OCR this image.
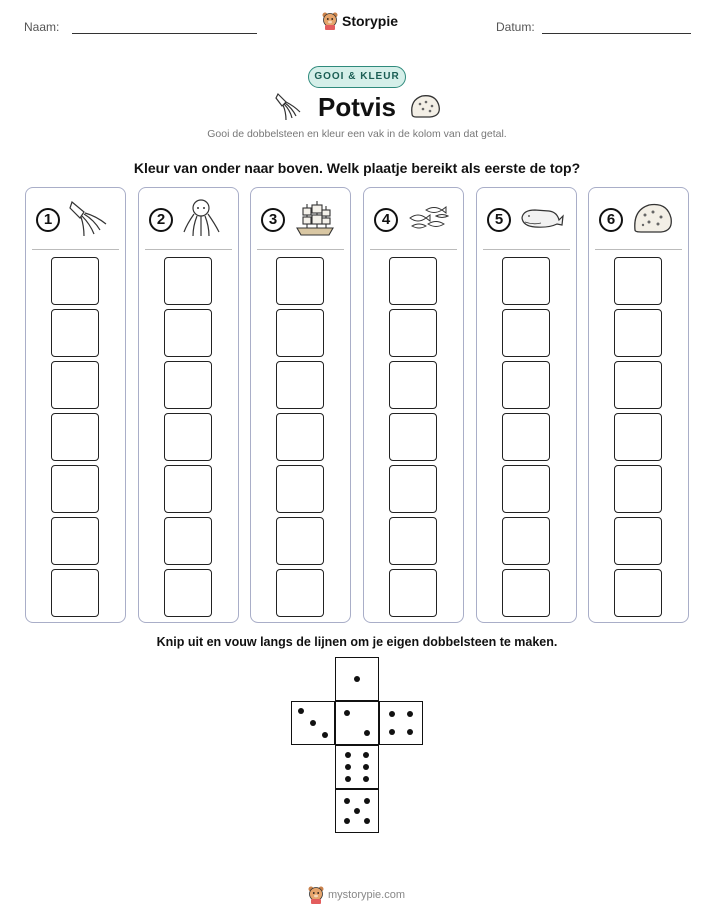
Naam:	Storypie	Datum:
GOOI & KLEUR
Potvis
Gooi de dobbelsteen en kleur een vak in de kolom van dat getal.
Kleur van onder naar boven. Welk plaatje bereikt als eerste de top?
1	2	3	4	5	6
Knip uit en vouw langs de lijnen om je eigen dobbelsteen te maken.
mystorypie.com
